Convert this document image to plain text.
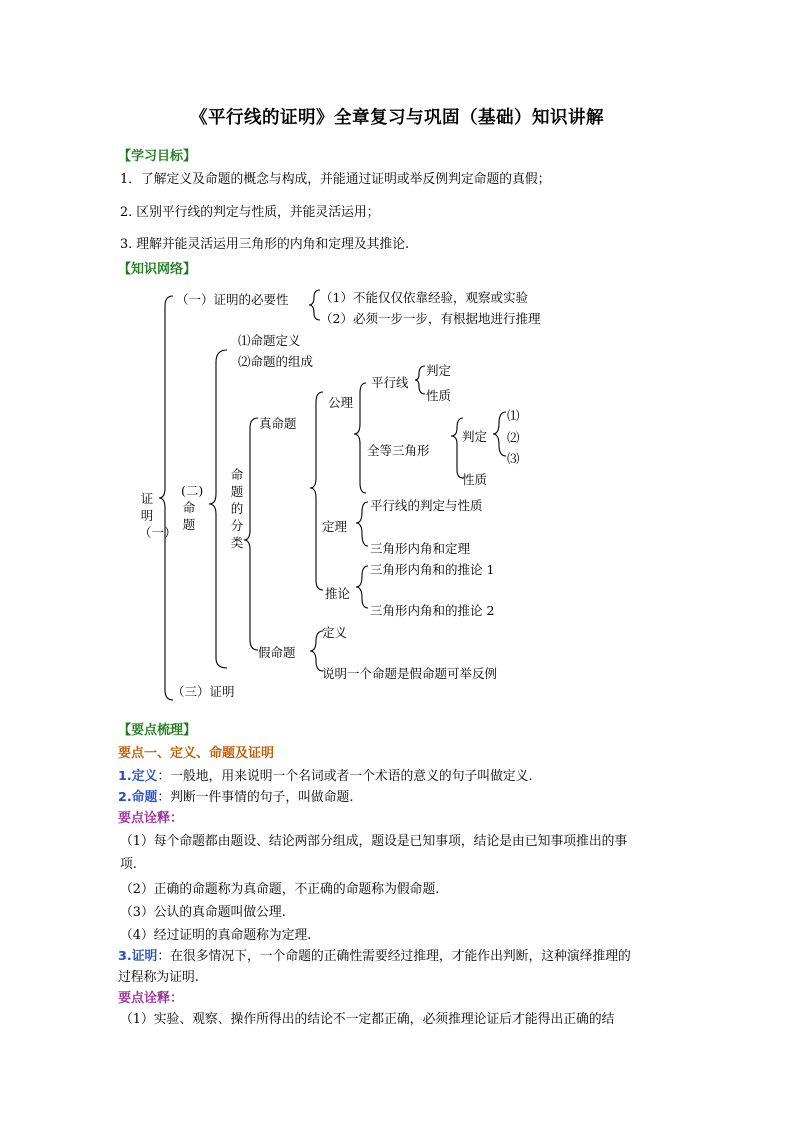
《平行线的证明》全章复习与巩固（基础）知识讲解
【学习目标】
1．了解定义及命题的概念与构成，并能通过证明或举反例判定命题的真假；
2. 区别平行线的判定与性质，并能灵活运用；
3. 理解并能灵活运用三角形的内角和定理及其推论.
【知识网络】
证明（一）
（一）证明的必要性	（1）不能仅仅依靠经验，观察或实验
（2）必须一步一步，有根据地进行推理
(二)命题
⑴命题定义
⑵命题的组成
命题的分类
真命题
公理
平行线
判定
性质
全等三角形
判定
⑴
⑵
⑶
性质
定理
平行线的判定与性质
三角形内角和定理
推论
三角形内角和的推论 1
三角形内角和的推论 2
假命题
定义
说明一个命题是假命题可举反例
（三）证明
【要点梳理】
要点一、定义、命题及证明
1.定义：一般地，用来说明一个名词或者一个术语的意义的句子叫做定义.
2.命题：判断一件事情的句子，叫做命题.
要点诠释：
（1）每个命题都由题设、结论两部分组成，题设是已知事项，结论是由已知事项推出的事
项.
（2）正确的命题称为真命题，不正确的命题称为假命题.
（3）公认的真命题叫做公理.
（4）经过证明的真命题称为定理.
3.证明：在很多情况下，一个命题的正确性需要经过推理，才能作出判断，这种演绎推理的
过程称为证明.
要点诠释：
（1）实验、观察、操作所得出的结论不一定都正确，必须推理论证后才能得出正确的结
